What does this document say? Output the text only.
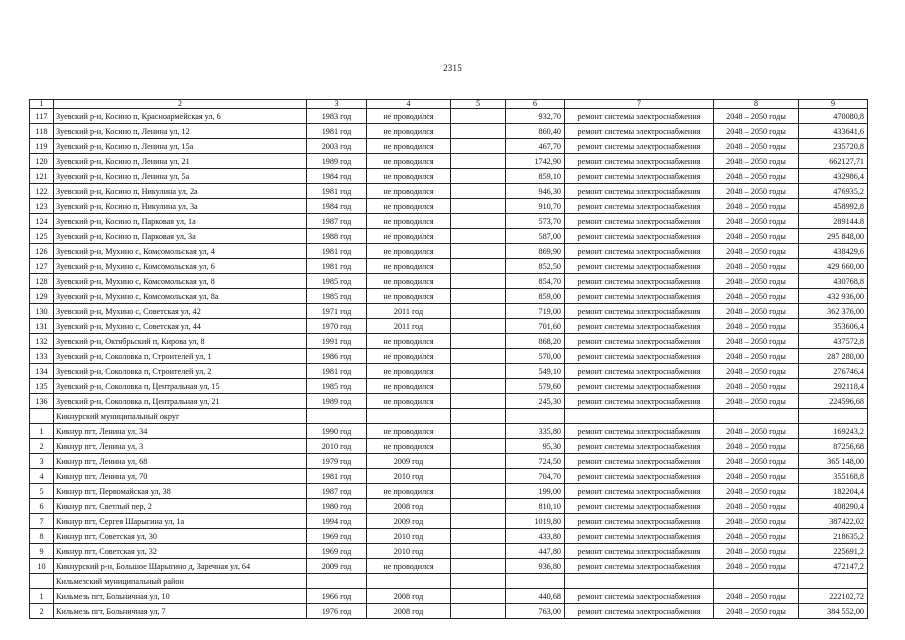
2315
1	2	3	4	5	6	7	8	9
117	Зуевский р-н, Косино п, Красноармейская ул, 6	1983 год	не проводился		932,70	ремонт системы электроснабжения	2048 – 2050 годы	470080,8
118	Зуевский р-н, Косино п, Ленина ул, 12	1981 год	не проводился		860,40	ремонт системы электроснабжения	2048 – 2050 годы	433641,6
119	Зуевский р-н, Косино п, Ленина ул, 15а	2003 год	не проводился		467,70	ремонт системы электроснабжения	2048 – 2050 годы	235720,8
120	Зуевский р-н, Косино п, Ленина ул, 21	1989 год	не проводился		1742,90	ремонт системы электроснабжения	2048 – 2050 годы	662127,71
121	Зуевский р-н, Косино п, Ленина ул, 5а	1984 год	не проводился		859,10	ремонт системы электроснабжения	2048 – 2050 годы	432986,4
122	Зуевский р-н, Косино п, Никулина ул, 2а	1981 год	не проводился		946,30	ремонт системы электроснабжения	2048 – 2050 годы	476935,2
123	Зуевский р-н, Косино п, Никулина ул, 3а	1984 год	не проводился		910,70	ремонт системы электроснабжения	2048 – 2050 годы	458992,8
124	Зуевский р-н, Косино п, Парковая ул, 1а	1987 год	не проводился		573,70	ремонт системы электроснабжения	2048 – 2050 годы	289144.8
125	Зуевский р-н, Косино п, Парковая ул, 3а	1988 год	не проводился		587,00	ремонт системы электроснабжения	2048 – 2050 годы	295 848,00
126	Зуевский р-н, Мухино с, Комсомольская ул, 4	1981 год	не проводился		869,90	ремонт системы электроснабжения	2048 – 2050 годы	438429,6
127	Зуевский р-н, Мухино с, Комсомольская ул, 6	1981 год	не проводился		852,50	ремонт системы электроснабжения	2048 – 2050 годы	429 660,00
128	Зуевский р-н, Мухино с, Комсомольская ул, 8	1985 год	не проводился		854,70	ремонт системы электроснабжения	2048 – 2050 годы	430768,8
129	Зуевский р-н, Мухино с, Комсомольская ул, 8а	1985 год	не проводился		859,00	ремонт системы электроснабжения	2048 – 2050 годы	432 936,00
130	Зуевский р-н, Мухино с, Советская ул, 42	1971 год	2011 год		719,00	ремонт системы электроснабжения	2048 – 2050 годы	362 376,00
131	Зуевский р-н, Мухино с, Советская ул, 44	1970 год	2011 год		701,60	ремонт системы электроснабжения	2048 – 2050 годы	353606,4
132	Зуевский р-н, Октябрьский п, Кирова ул, 8	1991 год	не проводился		868,20	ремонт системы электроснабжения	2048 – 2050 годы	437572,8
133	Зуевский р-н, Соколовка п, Строителей ул, 1	1986 год	не проводился		570,00	ремонт системы электроснабжения	2048 – 2050 годы	287 280,00
134	Зуевский р-н, Соколовка п, Строителей ул, 2	1981 год	не проводился		549,10	ремонт системы электроснабжения	2048 – 2050 годы	276746,4
135	Зуевский р-н, Соколовка п, Центральная ул, 15	1985 год	не проводился		579,60	ремонт системы электроснабжения	2048 – 2050 годы	292118,4
136	Зуевский р-н, Соколовка п, Центральная ул, 21	1989 год	не проводился		245,30	ремонт системы электроснабжения	2048 – 2050 годы	224596,68
	Кикнурский муниципальный округ							
1	Кикнур пгт, Ленина ул, 34	1990 год	не проводился		335,80	ремонт системы электроснабжения	2048 – 2050 годы	169243,2
2	Кикнур пгт, Ленина ул, 3	2010 год	не проводился		95,30	ремонт системы электроснабжения	2048 – 2050 годы	87256,68
3	Кикнур пгт, Ленина ул, 68	1979 год	2009 год		724,50	ремонт системы электроснабжения	2048 – 2050 годы	365 148,00
4	Кикнур пгт, Ленина ул, 70	1981 год	2010 год		704,70	ремонт системы электроснабжения	2048 – 2050 годы	355168,8
5	Кикнур пгт, Первомайская ул, 38	1987 год	не проводился		199,00	ремонт системы электроснабжения	2048 – 2050 годы	182204,4
6	Кикнур пгт, Светлый пер, 2	1980 год	2008 год		810,10	ремонт системы электроснабжения	2048 – 2050 годы	408290,4
7	Кикнур пгт, Сергея Шарыгина ул, 1а	1994 год	2009 год		1019,80	ремонт системы электроснабжения	2048 – 2050 годы	387422,02
8	Кикнур пгт, Советская ул, 30	1969 год	2010 год		433,80	ремонт системы электроснабжения	2048 – 2050 годы	218635,2
9	Кикнур пгт, Советская ул, 32	1969 год	2010 год		447,80	ремонт системы электроснабжения	2048 – 2050 годы	225691,2
10	Кикнурский р-н, Большое Шарыгино д, Заречная ул, 64	2009 год	не проводился		936,80	ремонт системы электроснабжения	2048 – 2050 годы	472147,2
	Кильмезский муниципальный район							
1	Кильмезь пгт, Больничная ул, 10	1966 год	2008 год		440,68	ремонт системы электроснабжения	2048 – 2050 годы	222102,72
2	Кильмезь пгт, Больничная ул, 7	1976 год	2008 год		763,00	ремонт системы электроснабжения	2048 – 2050 годы	384 552,00
